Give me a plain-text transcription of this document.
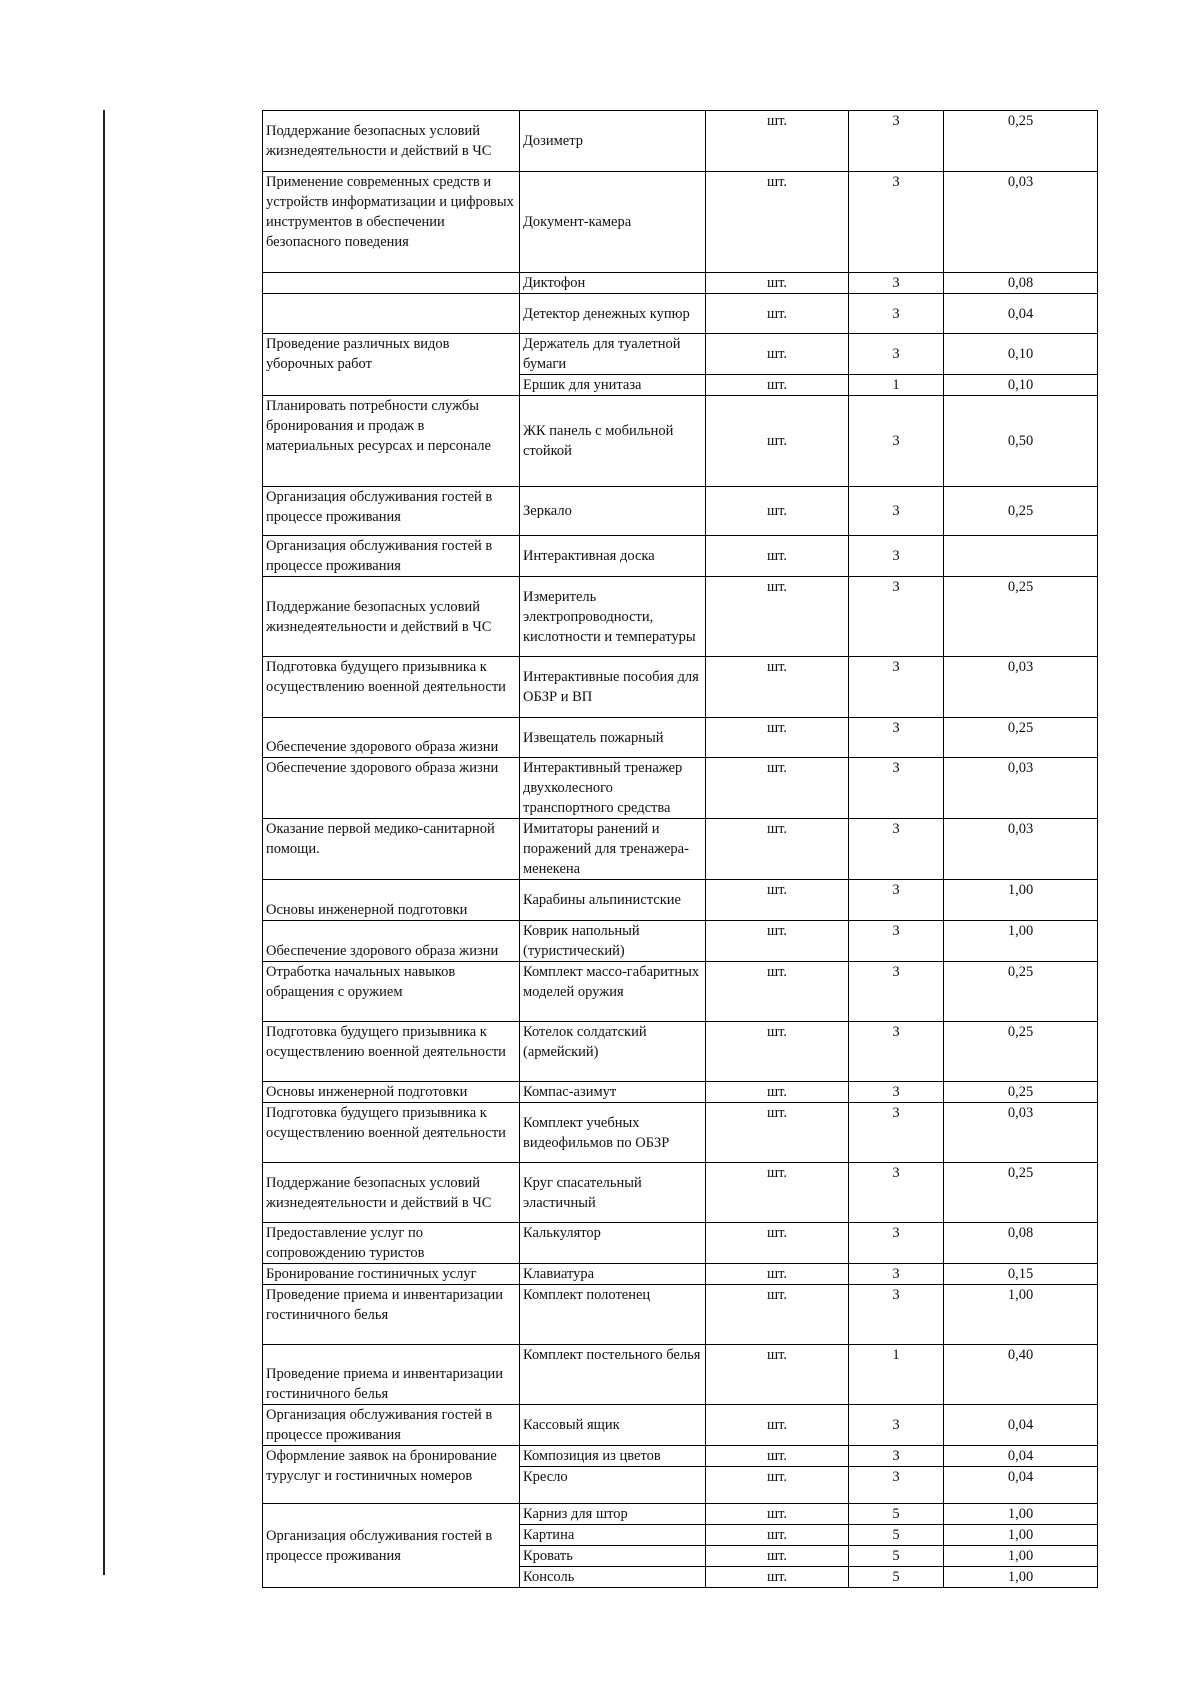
Поддержание безопасных условий жизнедеятельности и действий в ЧС	Дозиметр	шт.	3	0,25
Применение современных средств и устройств информатизации и цифровых инструментов в обеспечении безопасного поведения	Документ-камера	шт.	3	0,03
	Диктофон	шт.	3	0,08
	Детектор денежных купюр	шт.	3	0,04
Проведение различных видов уборочных работ	Держатель для туалетной бумаги	шт.	3	0,10
	Ершик для унитаза	шт.	1	0,10
Планировать потребности службы бронирования и продаж в материальных ресурсах и персонале	ЖК панель с мобильной стойкой	шт.	3	0,50
Организация обслуживания гостей в процессе проживания	Зеркало	шт.	3	0,25
Организация обслуживания гостей в процессе проживания	Интерактивная доска	шт.	3	
Поддержание безопасных условий жизнедеятельности и действий в ЧС	Измеритель электропроводности, кислотности и температуры	шт.	3	0,25
Подготовка будущего призывника к осуществлению военной деятельности	Интерактивные пособия для ОБЗР и ВП	шт.	3	0,03
Обеспечение здорового образа жизни	Извещатель пожарный	шт.	3	0,25
Обеспечение здорового образа жизни	Интерактивный тренажер двухколесного транспортного средства	шт.	3	0,03
Оказание первой медико-санитарной помощи.	Имитаторы ранений и поражений для тренажера-менекена	шт.	3	0,03
Основы инженерной подготовки	Карабины альпинистские	шт.	3	1,00
Обеспечение здорового образа жизни	Коврик напольный (туристический)	шт.	3	1,00
Отработка начальных навыков обращения с оружием	Комплект массо-габаритных моделей оружия	шт.	3	0,25
Подготовка будущего призывника к осуществлению военной деятельности	Котелок солдатский (армейский)	шт.	3	0,25
Основы инженерной подготовки	Компас-азимут	шт.	3	0,25
Подготовка будущего призывника к осуществлению военной деятельности	Комплект учебных видеофильмов по ОБЗР	шт.	3	0,03
Поддержание безопасных условий жизнедеятельности и действий в ЧС	Круг спасательный эластичный	шт.	3	0,25
Предоставление услуг по сопровождению туристов	Калькулятор	шт.	3	0,08
Бронирование гостиничных услуг	Клавиатура	шт.	3	0,15
Проведение приема и инвентаризации гостиничного белья	Комплект полотенец	шт.	3	1,00
Проведение приема и инвентаризации гостиничного белья	Комплект постельного белья	шт.	1	0,40
Организация обслуживания гостей в процессе проживания	Кассовый ящик	шт.	3	0,04
Оформление заявок на бронирование туруслуг и гостиничных номеров	Композиция из цветов	шт.	3	0,04
	Кресло	шт.	3	0,04
Организация обслуживания гостей в процессе проживания	Карниз для штор	шт.	5	1,00
	Картина	шт.	5	1,00
	Кровать	шт.	5	1,00
	Консоль	шт.	5	1,00
